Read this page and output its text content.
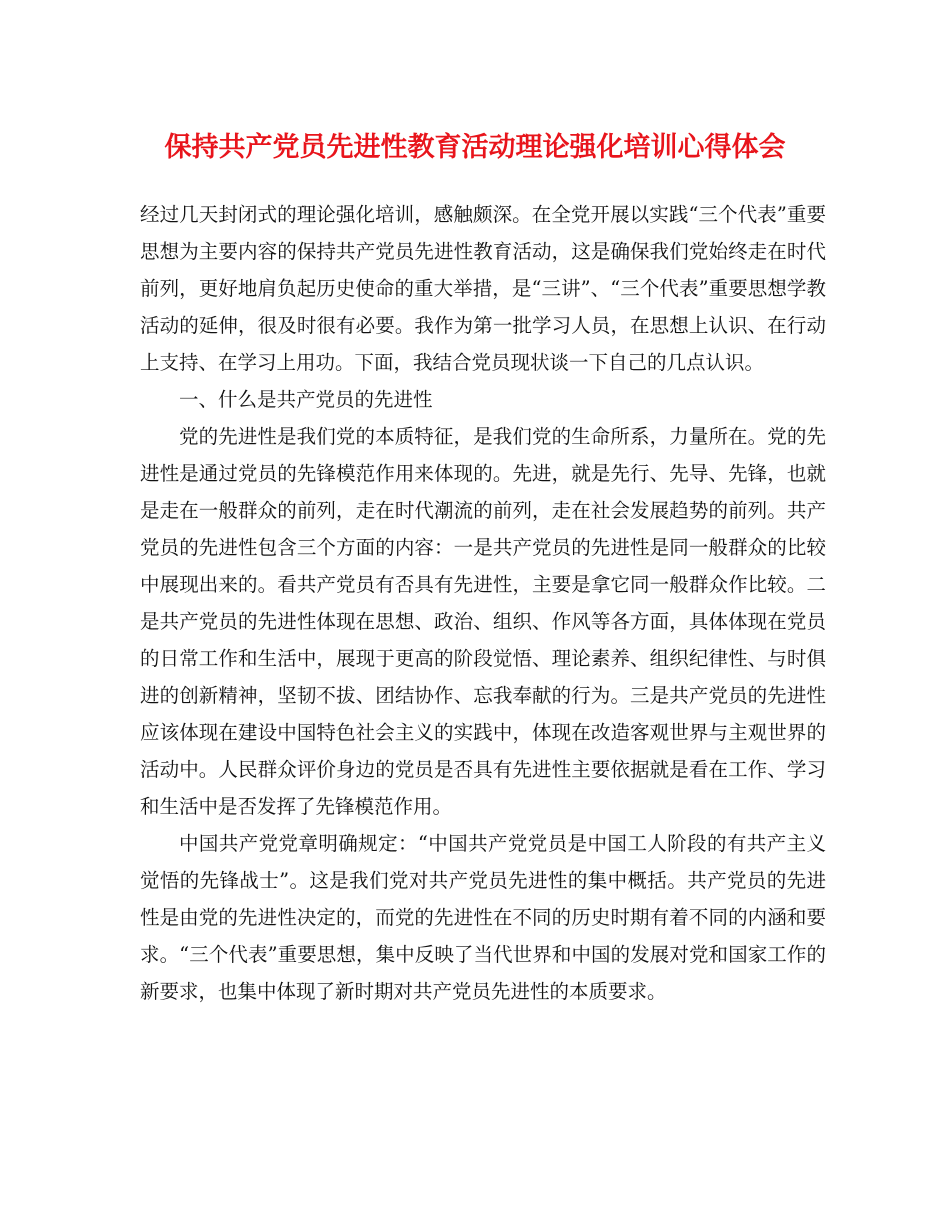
保持共产党员先进性教育活动理论强化培训心得体会

经过几天封闭式的理论强化培训，感触颇深。在全党开展以实践“三个代表”重要思想为主要内容的保持共产党员先进性教育活动，这是确保我们党始终走在时代前列，更好地肩负起历史使命的重大举措，是“三讲”、“三个代表”重要思想学教活动的延伸，很及时很有必要。我作为第一批学习人员，在思想上认识、在行动上支持、在学习上用功。下面，我结合党员现状谈一下自己的几点认识。

一、什么是共产党员的先进性

党的先进性是我们党的本质特征，是我们党的生命所系，力量所在。党的先进性是通过党员的先锋模范作用来体现的。先进，就是先行、先导、先锋，也就是走在一般群众的前列，走在时代潮流的前列，走在社会发展趋势的前列。共产党员的先进性包含三个方面的内容：一是共产党员的先进性是同一般群众的比较中展现出来的。看共产党员有否具有先进性，主要是拿它同一般群众作比较。二是共产党员的先进性体现在思想、政治、组织、作风等各方面，具体体现在党员的日常工作和生活中，展现于更高的阶段觉悟、理论素养、组织纪律性、与时俱进的创新精神，坚韧不拔、团结协作、忘我奉献的行为。三是共产党员的先进性应该体现在建设中国特色社会主义的实践中，体现在改造客观世界与主观世界的活动中。人民群众评价身边的党员是否具有先进性主要依据就是看在工作、学习和生活中是否发挥了先锋模范作用。

中国共产党党章明确规定：“中国共产党党员是中国工人阶段的有共产主义觉悟的先锋战士”。这是我们党对共产党员先进性的集中概括。共产党员的先进性是由党的先进性决定的，而党的先进性在不同的历史时期有着不同的内涵和要求。“三个代表”重要思想，集中反映了当代世界和中国的发展对党和国家工作的新要求，也集中体现了新时期对共产党员先进性的本质要求。
